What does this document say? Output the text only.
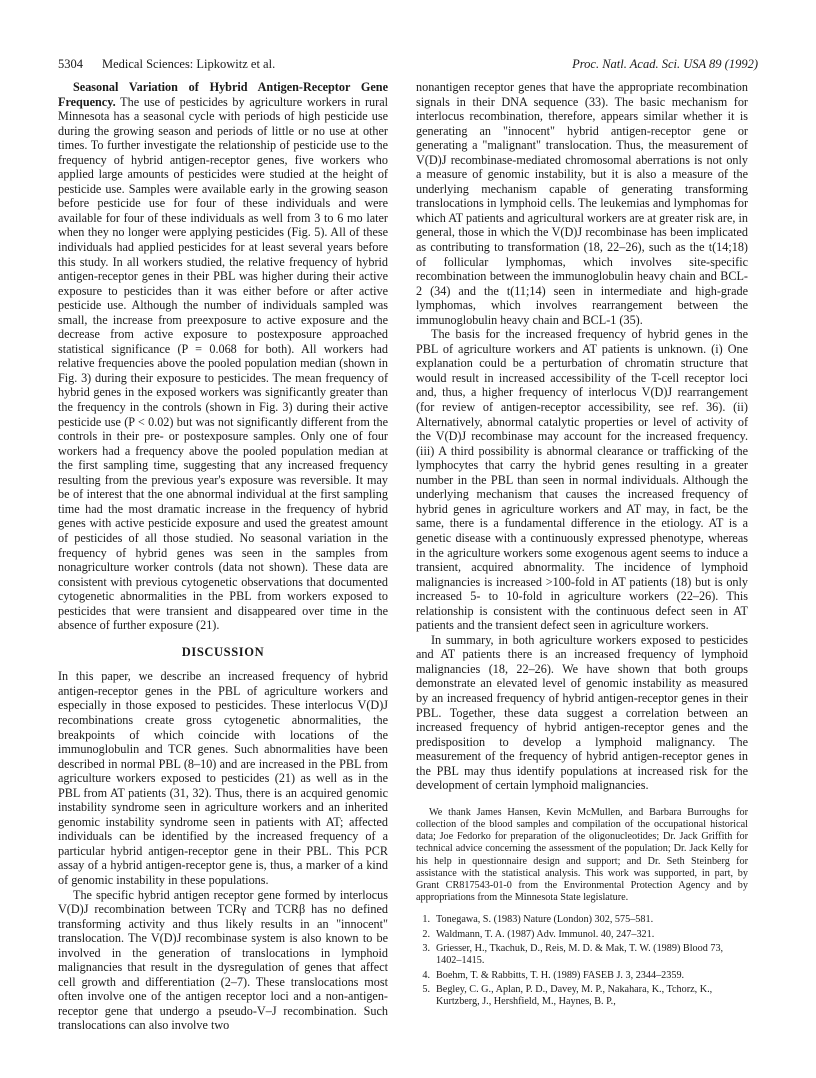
5304 Medical Sciences: Lipkowitz et al.	Proc. Natl. Acad. Sci. USA 89 (1992)

Seasonal Variation of Hybrid Antigen-Receptor Gene Frequency. The use of pesticides by agriculture workers in rural Minnesota has a seasonal cycle with periods of high pesticide use during the growing season and periods of little or no use at other times. To further investigate the relationship of pesticide use to the frequency of hybrid antigen-receptor genes, five workers who applied large amounts of pesticides were studied at the height of pesticide use. Samples were available early in the growing season before pesticide use for four of these individuals and were available for four of these individuals as well from 3 to 6 mo later when they no longer were applying pesticides (Fig. 5). All of these individuals had applied pesticides for at least several years before this study. In all workers studied, the relative frequency of hybrid antigen-receptor genes in their PBL was higher during their active exposure to pesticides than it was either before or after active pesticide use. Although the number of individuals sampled was small, the increase from preexposure to active exposure and the decrease from active exposure to postexposure approached statistical significance (P = 0.068 for both). All workers had relative frequencies above the pooled population median (shown in Fig. 3) during their exposure to pesticides. The mean frequency of hybrid genes in the exposed workers was significantly greater than the frequency in the controls (shown in Fig. 3) during their active pesticide use (P < 0.02) but was not significantly different from the controls in their pre- or postexposure samples. Only one of four workers had a frequency above the pooled population median at the first sampling time, suggesting that any increased frequency resulting from the previous year's exposure was reversible. It may be of interest that the one abnormal individual at the first sampling time had the most dramatic increase in the frequency of hybrid genes with active pesticide exposure and used the greatest amount of pesticides of all those studied. No seasonal variation in the frequency of hybrid genes was seen in the samples from nonagriculture worker controls (data not shown). These data are consistent with previous cytogenetic observations that documented cytogenetic abnormalities in the PBL from workers exposed to pesticides that were transient and disappeared over time in the absence of further exposure (21).

DISCUSSION

In this paper, we describe an increased frequency of hybrid antigen-receptor genes in the PBL of agriculture workers and especially in those exposed to pesticides. These interlocus V(D)J recombinations create gross cytogenetic abnormalities, the breakpoints of which coincide with locations of the immunoglobulin and TCR genes. Such abnormalities have been described in normal PBL (8–10) and are increased in the PBL from agriculture workers exposed to pesticides (21) as well as in the PBL from AT patients (31, 32). Thus, there is an acquired genomic instability syndrome seen in agriculture workers and an inherited genomic instability syndrome seen in patients with AT; affected individuals can be identified by the increased frequency of a particular hybrid antigen-receptor gene in their PBL. This PCR assay of a hybrid antigen-receptor gene is, thus, a marker of a kind of genomic instability in these populations.

The specific hybrid antigen receptor gene formed by interlocus V(D)J recombination between TCRγ and TCRβ has no defined transforming activity and thus likely results in an "innocent" translocation. The V(D)J recombinase system is also known to be involved in the generation of translocations in lymphoid malignancies that result in the dysregulation of genes that affect cell growth and differentiation (2–7). These translocations most often involve one of the antigen receptor loci and a non-antigen-receptor gene that undergo a pseudo-V–J recombination. Such translocations can also involve two

nonantigen receptor genes that have the appropriate recombination signals in their DNA sequence (33). The basic mechanism for interlocus recombination, therefore, appears similar whether it is generating an "innocent" hybrid antigen-receptor gene or generating a "malignant" translocation. Thus, the measurement of V(D)J recombinase-mediated chromosomal aberrations is not only a measure of genomic instability, but it is also a measure of the underlying mechanism capable of generating transforming translocations in lymphoid cells. The leukemias and lymphomas for which AT patients and agricultural workers are at greater risk are, in general, those in which the V(D)J recombinase has been implicated as contributing to transformation (18, 22–26), such as the t(14;18) of follicular lymphomas, which involves site-specific recombination between the immunoglobulin heavy chain and BCL-2 (34) and the t(11;14) seen in intermediate and high-grade lymphomas, which involves rearrangement between the immunoglobulin heavy chain and BCL-1 (35).

The basis for the increased frequency of hybrid genes in the PBL of agriculture workers and AT patients is unknown. (i) One explanation could be a perturbation of chromatin structure that would result in increased accessibility of the T-cell receptor loci and, thus, a higher frequency of interlocus V(D)J rearrangement (for review of antigen-receptor accessibility, see ref. 36). (ii) Alternatively, abnormal catalytic properties or level of activity of the V(D)J recombinase may account for the increased frequency. (iii) A third possibility is abnormal clearance or trafficking of the lymphocytes that carry the hybrid genes resulting in a greater number in the PBL than seen in normal individuals. Although the underlying mechanism that causes the increased frequency of hybrid genes in agriculture workers and AT may, in fact, be the same, there is a fundamental difference in the etiology. AT is a genetic disease with a continuously expressed phenotype, whereas in the agriculture workers some exogenous agent seems to induce a transient, acquired abnormality. The incidence of lymphoid malignancies is increased >100-fold in AT patients (18) but is only increased 5- to 10-fold in agriculture workers (22–26). This relationship is consistent with the continuous defect seen in AT patients and the transient defect seen in agriculture workers.

In summary, in both agriculture workers exposed to pesticides and AT patients there is an increased frequency of lymphoid malignancies (18, 22–26). We have shown that both groups demonstrate an elevated level of genomic instability as measured by an increased frequency of hybrid antigen-receptor genes in their PBL. Together, these data suggest a correlation between an increased frequency of hybrid antigen-receptor genes and the predisposition to develop a lymphoid malignancy. The measurement of the frequency of hybrid antigen-receptor genes in the PBL may thus identify populations at increased risk for the development of certain lymphoid malignancies.

We thank James Hansen, Kevin McMullen, and Barbara Burroughs for collection of the blood samples and compilation of the occupational historical data; Joe Fedorko for preparation of the oligonucleotides; Dr. Jack Griffith for technical advice concerning the assessment of the population; Dr. Jack Kelly for his help in questionnaire design and support; and Dr. Seth Steinberg for assistance with the statistical analysis. This work was supported, in part, by Grant CR817543-01-0 from the Environmental Protection Agency and by appropriations from the Minnesota State legislature.

1. Tonegawa, S. (1983) Nature (London) 302, 575–581.
2. Waldmann, T. A. (1987) Adv. Immunol. 40, 247–321.
3. Griesser, H., Tkachuk, D., Reis, M. D. & Mak, T. W. (1989) Blood 73, 1402–1415.
4. Boehm, T. & Rabbitts, T. H. (1989) FASEB J. 3, 2344–2359.
5. Begley, C. G., Aplan, P. D., Davey, M. P., Nakahara, K., Tchorz, K., Kurtzberg, J., Hershfield, M., Haynes, B. P.,
